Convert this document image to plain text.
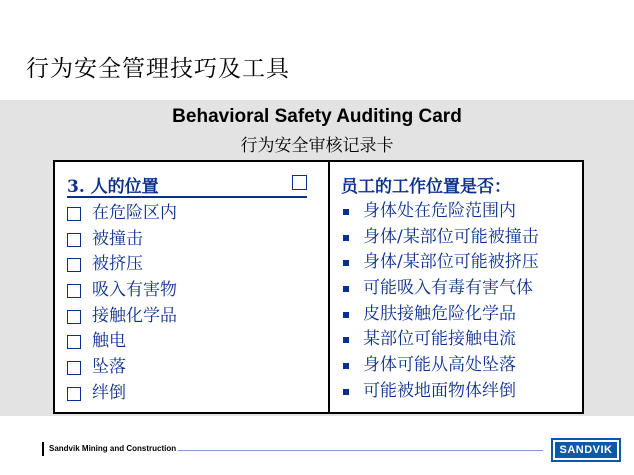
行为安全管理技巧及工具
Behavioral Safety Auditing Card
行为安全审核记录卡
3. 人的位置
在危险区内
被撞击
被挤压
吸入有害物
接触化学品
触电
坠落
绊倒
员工的工作位置是否：
身体处在危险范围内
身体/某部位可能被撞击
身体/某部位可能被挤压
可能吸入有毒有害气体
皮肤接触危险化学品
某部位可能接触电流
身体可能从高处坠落
可能被地面物体绊倒
Sandvik Mining and Construction	SANDVIK
